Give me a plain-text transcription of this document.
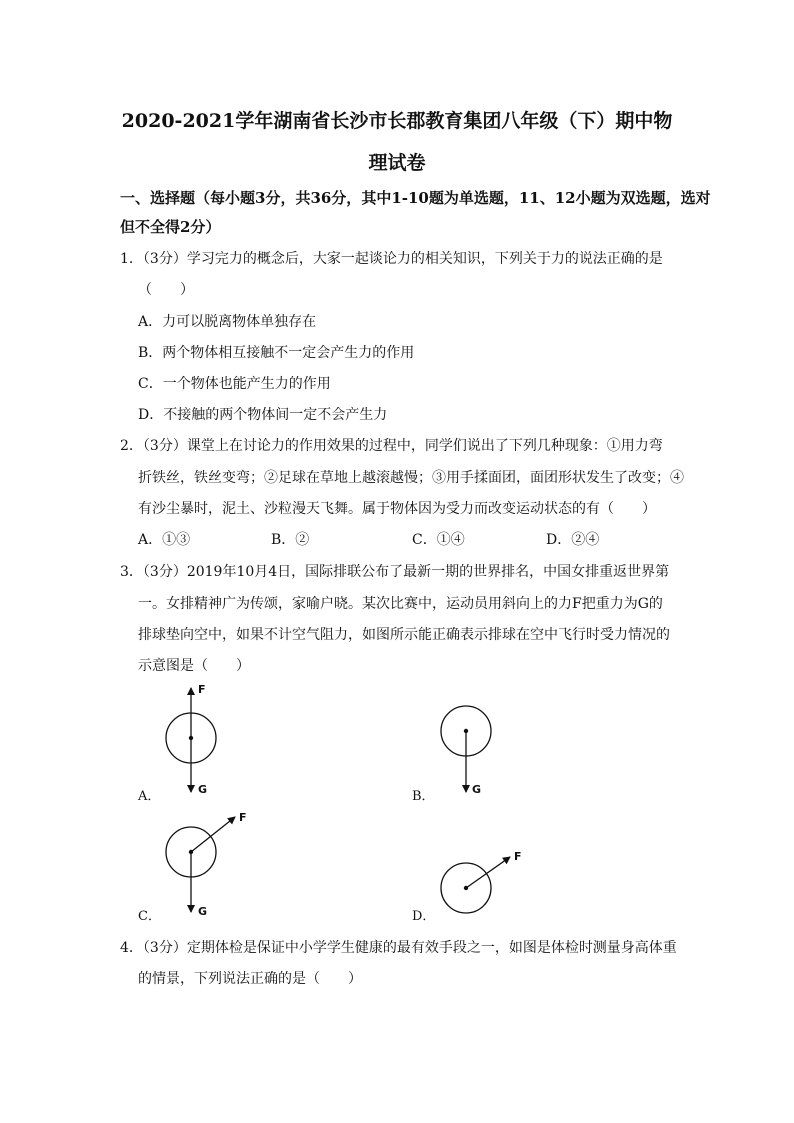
2020-2021学年湖南省长沙市长郡教育集团八年级（下）期中物
理试卷
一、选择题（每小题3分，共36分，其中1-10题为单选题，11、12小题为双选题，选对
但不全得2分）
1．（3分）学习完力的概念后，大家一起谈论力的相关知识，下列关于力的说法正确的是
（　　）
A．力可以脱离物体单独存在
B．两个物体相互接触不一定会产生力的作用
C．一个物体也能产生力的作用
D．不接触的两个物体间一定不会产生力
2．（3分）课堂上在讨论力的作用效果的过程中，同学们说出了下列几种现象：①用力弯
折铁丝，铁丝变弯；②足球在草地上越滚越慢；③用手揉面团，面团形状发生了改变；④
有沙尘暴时，泥土、沙粒漫天飞舞。属于物体因为受力而改变运动状态的有（　　）
A．①③	B．②	C．①④	D．②④
3．（3分）2019年10月4日，国际排联公布了最新一期的世界排名，中国女排重返世界第
一。女排精神广为传颂，家喻户晓。某次比赛中，运动员用斜向上的力F把重力为G的
排球垫向空中，如果不计空气阻力，如图所示能正确表示排球在空中飞行时受力情况的
示意图是（　　）
F
G	G
F
G
F
A．	B．
C．	D．
4．（3分）定期体检是保证中小学学生健康的最有效手段之一，如图是体检时测量身高体重
的情景，下列说法正确的是（　　）
